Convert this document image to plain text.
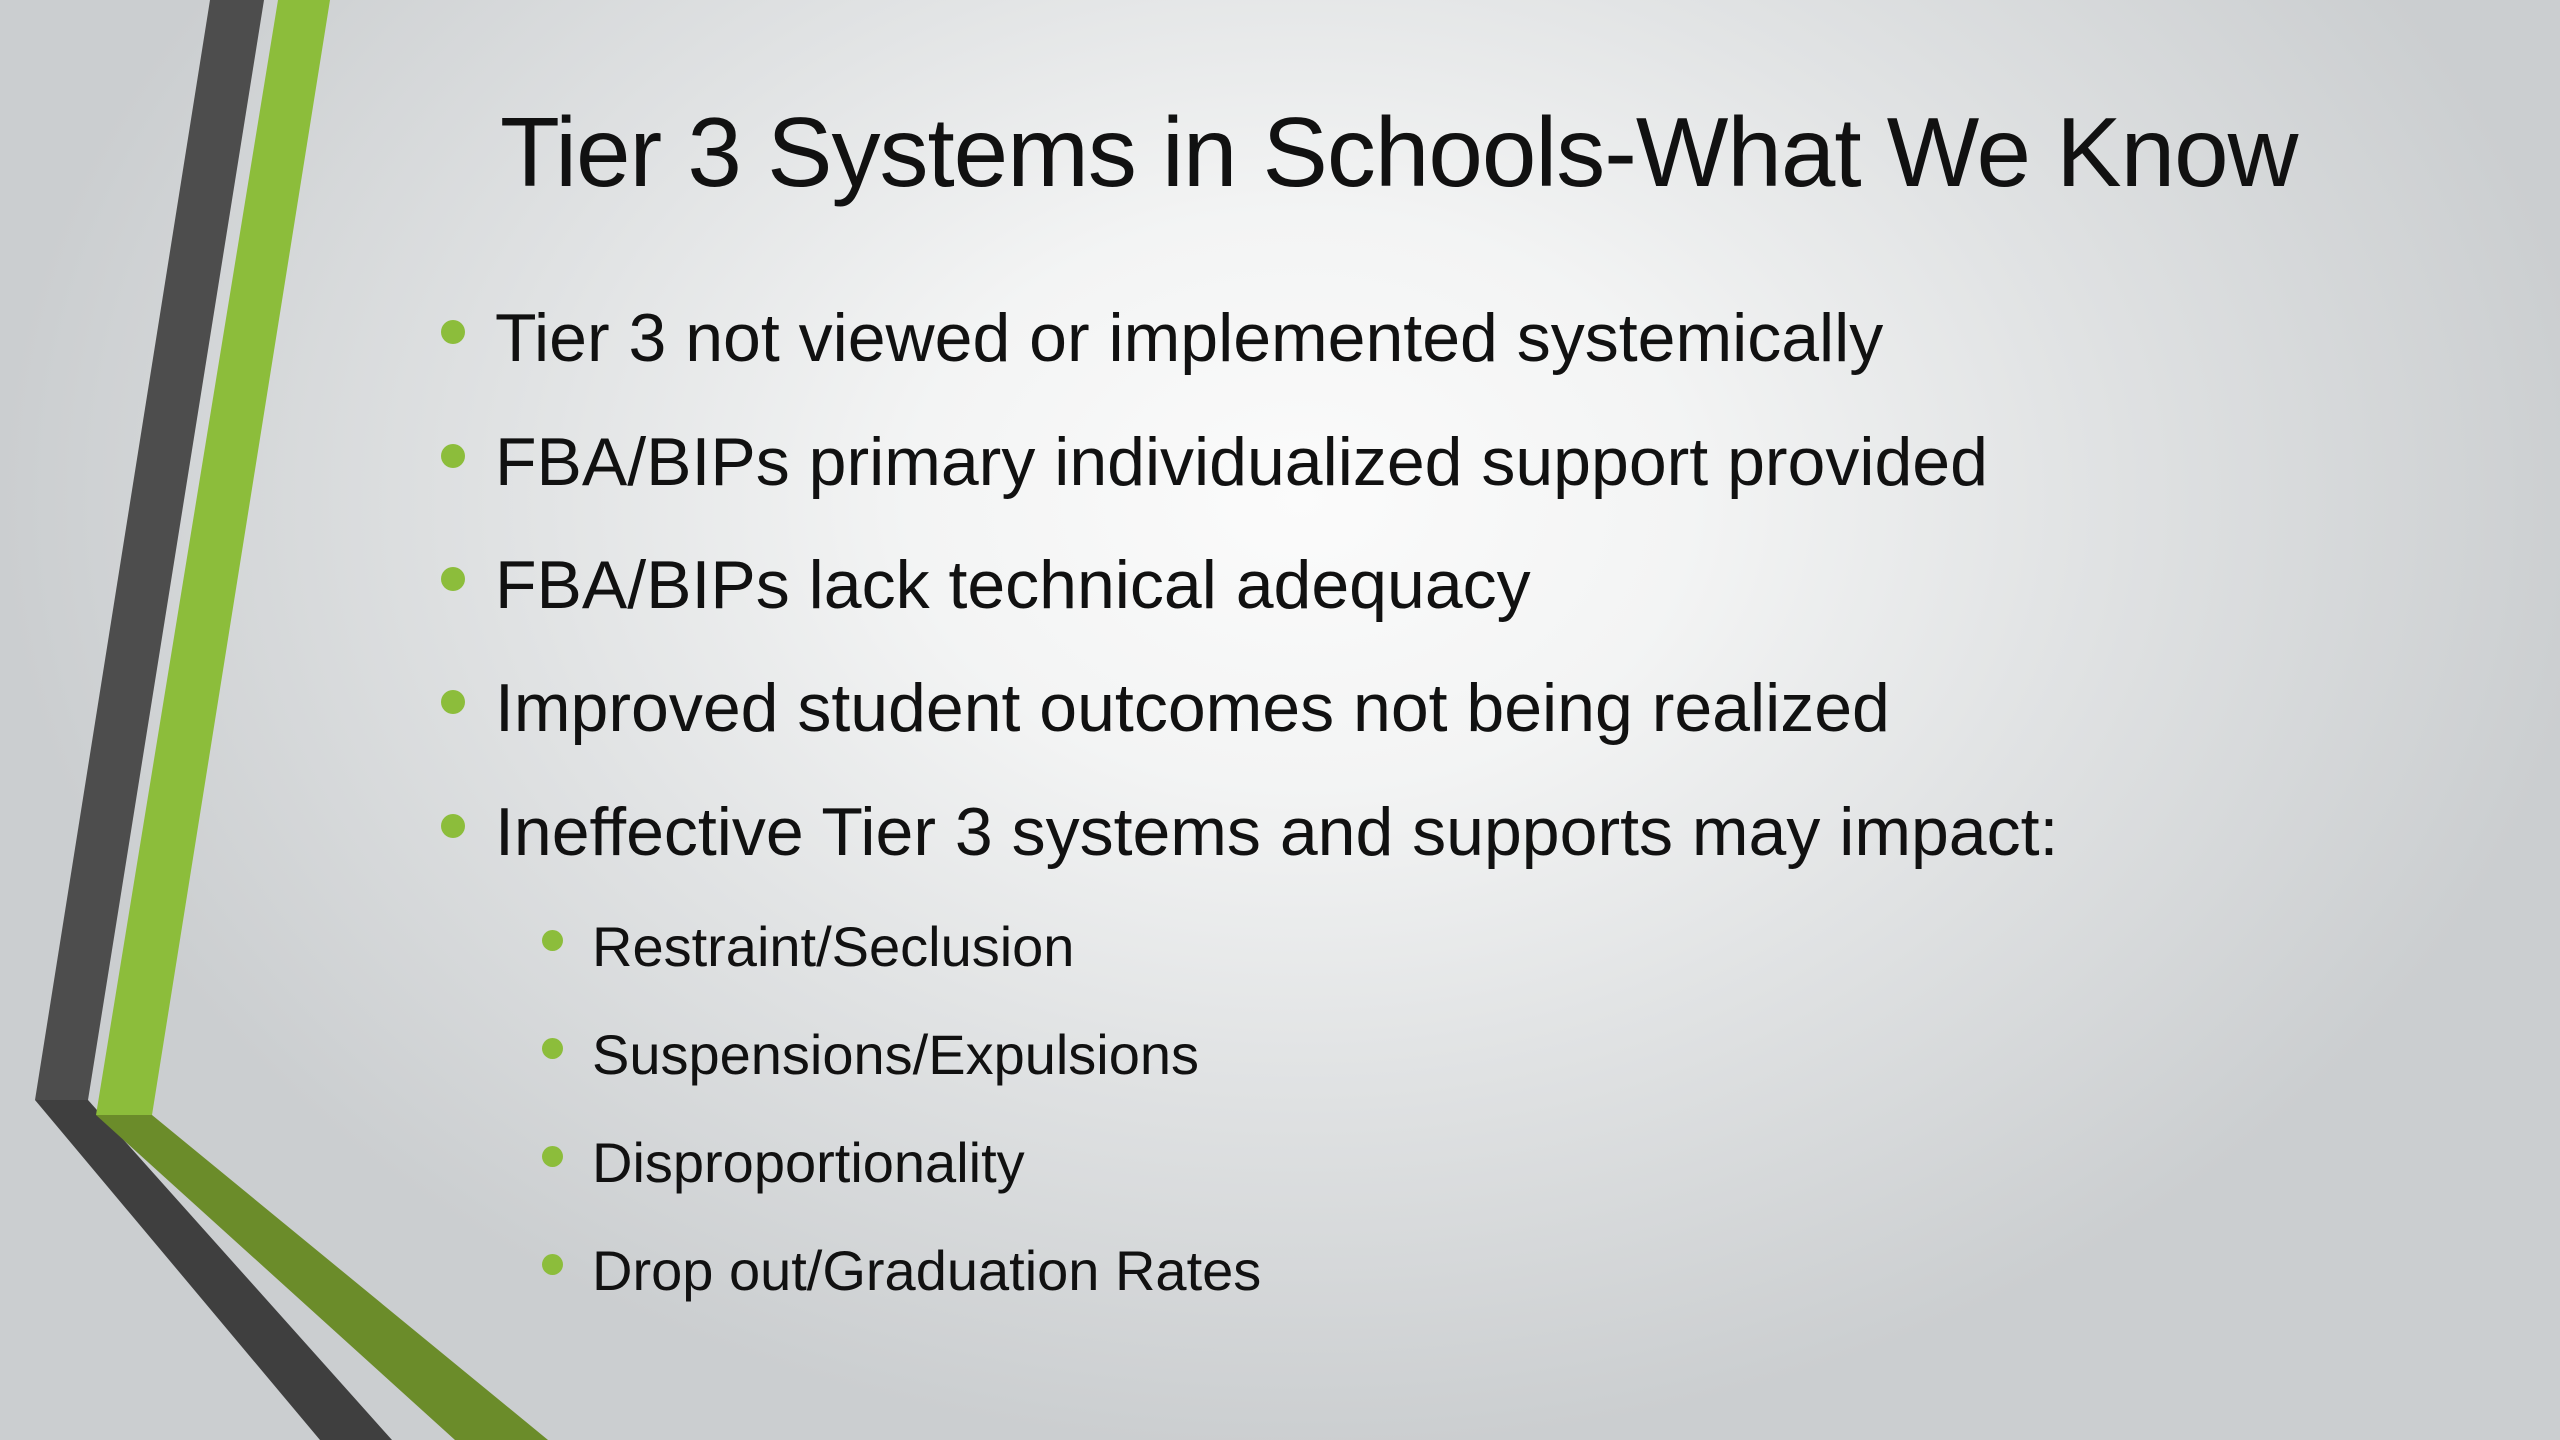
Tier 3 Systems in Schools-What We Know
Tier 3 not viewed or implemented systemically
FBA/BIPs primary individualized support provided
FBA/BIPs lack technical adequacy
Improved student outcomes not being realized
Ineffective Tier 3 systems and supports may impact:
Restraint/Seclusion
Suspensions/Expulsions
Disproportionality
Drop out/Graduation Rates
